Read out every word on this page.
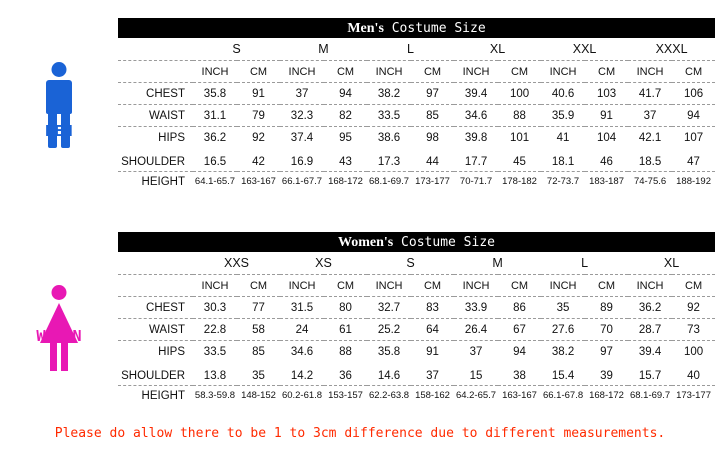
MEN
WOMEN
Men's Costume Size
	S		M		L		XL		XXL		XXXL	
	INCH	CM	INCH	CM	INCH	CM	INCH	CM	INCH	CM	INCH	CM
CHEST	35.8	91	37	94	38.2	97	39.4	100	40.6	103	41.7	106
WAIST	31.1	79	32.3	82	33.5	85	34.6	88	35.9	91	37	94
HIPS	36.2	92	37.4	95	38.6	98	39.8	101	41	104	42.1	107

SHOULDER	16.5	42	16.9	43	17.3	44	17.7	45	18.1	46	18.5	47
HEIGHT	64.1-65.7	163-167	66.1-67.7	168-172	68.1-69.7	173-177	70-71.7	178-182	72-73.7	183-187	74-75.6	188-192
Women's Costume Size
	XXS		XS		S		M		L		XL	
	INCH	CM	INCH	CM	INCH	CM	INCH	CM	INCH	CM	INCH	CM
CHEST	30.3	77	31.5	80	32.7	83	33.9	86	35	89	36.2	92
WAIST	22.8	58	24	61	25.2	64	26.4	67	27.6	70	28.7	73
HIPS	33.5	85	34.6	88	35.8	91	37	94	38.2	97	39.4	100

SHOULDER	13.8	35	14.2	36	14.6	37	15	38	15.4	39	15.7	40
HEIGHT	58.3-59.8	148-152	60.2-61.8	153-157	62.2-63.8	158-162	64.2-65.7	163-167	66.1-67.8	168-172	68.1-69.7	173-177
Please do allow there to be 1 to 3cm difference due to different measurements.
